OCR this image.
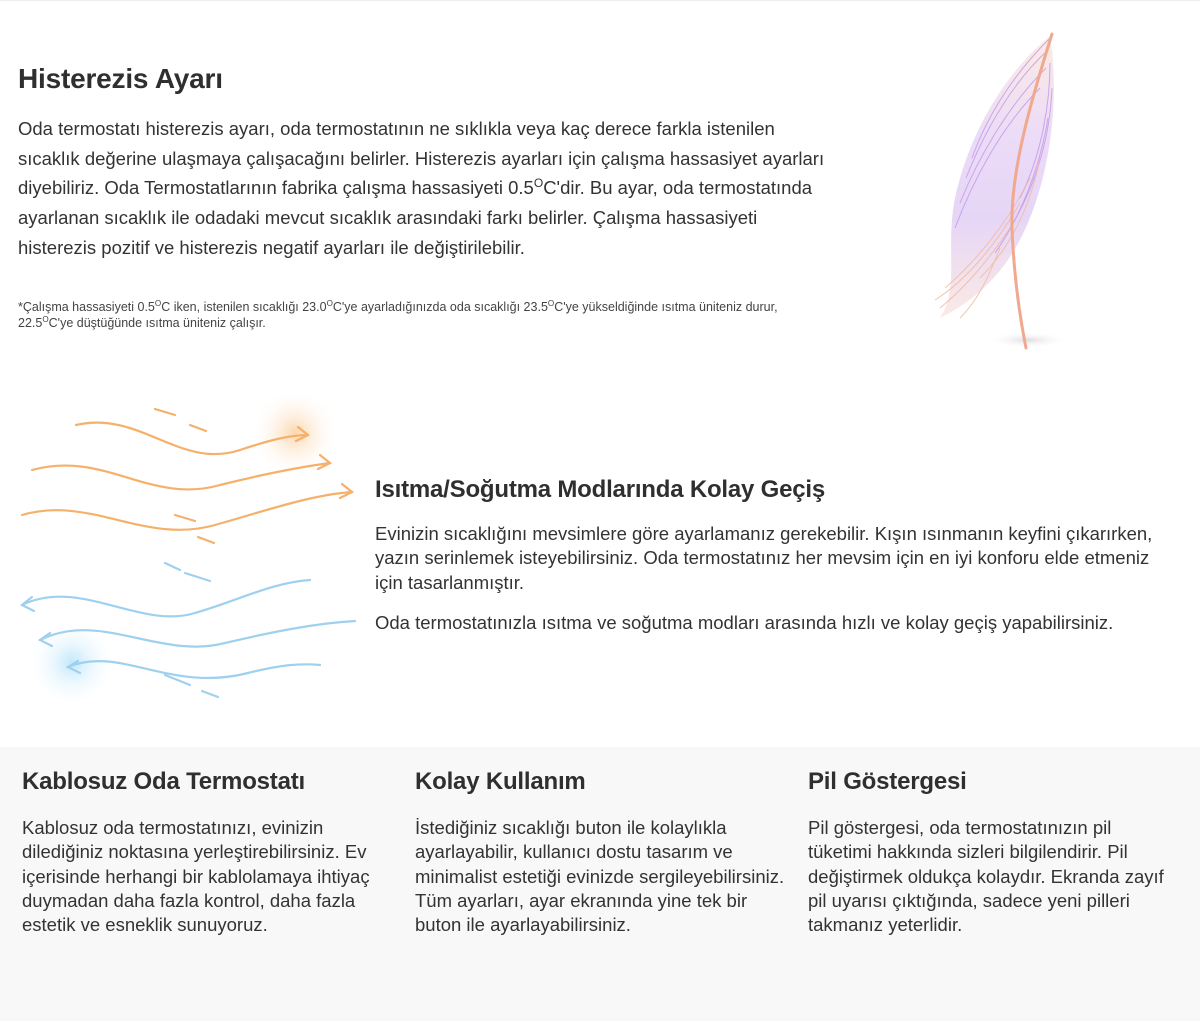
Histerezis Ayarı
Oda termostatı histerezis ayarı, oda termostatının ne sıklıkla veya kaç derece farkla istenilen sıcaklık değerine ulaşmaya çalışacağını belirler. Histerezis ayarları için çalışma hassasiyet ayarları diyebiliriz. Oda Termostatlarının fabrika çalışma hassasiyeti $0.5^OC'dir$. Bu ayar, oda termostatında ayarlanan sıcaklık ile odadaki mevcut sıcaklık arasındaki farkı belirler. Çalışma hassasiyeti histerezis pozitif ve histerezis negatif ayarları ile değiştirilebilir.
*Çalışma hassasiyeti $0.5^OC$ iken, istenilen sıcaklığı $23.0^OC'ye$ ayarladığınızda oda sıcaklığı $23.5^OC'ye$ yükseldiğinde ısıtma üniteniz durur, $22.5^OC'ye$ düştüğünde ısıtma üniteniz çalışır.
Isıtma/Soğutma Modlarında Kolay Geçiş

Evinizin sıcaklığını mevsimlere göre ayarlamanız gerekebilir. Kışın ısınmanın keyfini çıkarırken, yazın serinlemek isteyebilirsiniz. Oda termostatınız her mevsim için en iyi konforu elde etmeniz için tasarlanmıştır.

Oda termostatınızla ısıtma ve soğutma modları arasında hızlı ve kolay geçiş yapabilirsiniz.

Kablosuz Oda Termostatı

Kablosuz oda termostatınızı, evinizin dilediğiniz noktasına yerleştirebilirsiniz. Ev içerisinde herhangi bir kablolamaya ihtiyaç duymadan daha fazla kontrol, daha fazla estetik ve esneklik sunuyoruz.

Kolay Kullanım

İstediğiniz sıcaklığı buton ile kolaylıkla ayarlayabilir, kullanıcı dostu tasarım ve minimalist estetiği evinizde sergileyebilirsiniz. Tüm ayarları, ayar ekranında yine tek bir buton ile ayarlayabilirsiniz.

Pil Göstergesi

Pil göstergesi, oda termostatınızın pil tüketimi hakkında sizleri bilgilendirir. Pil değiştirmek oldukça kolaydır. Ekranda zayıf pil uyarısı çıktığında, sadece yeni pilleri takmanız yeterlidir.
